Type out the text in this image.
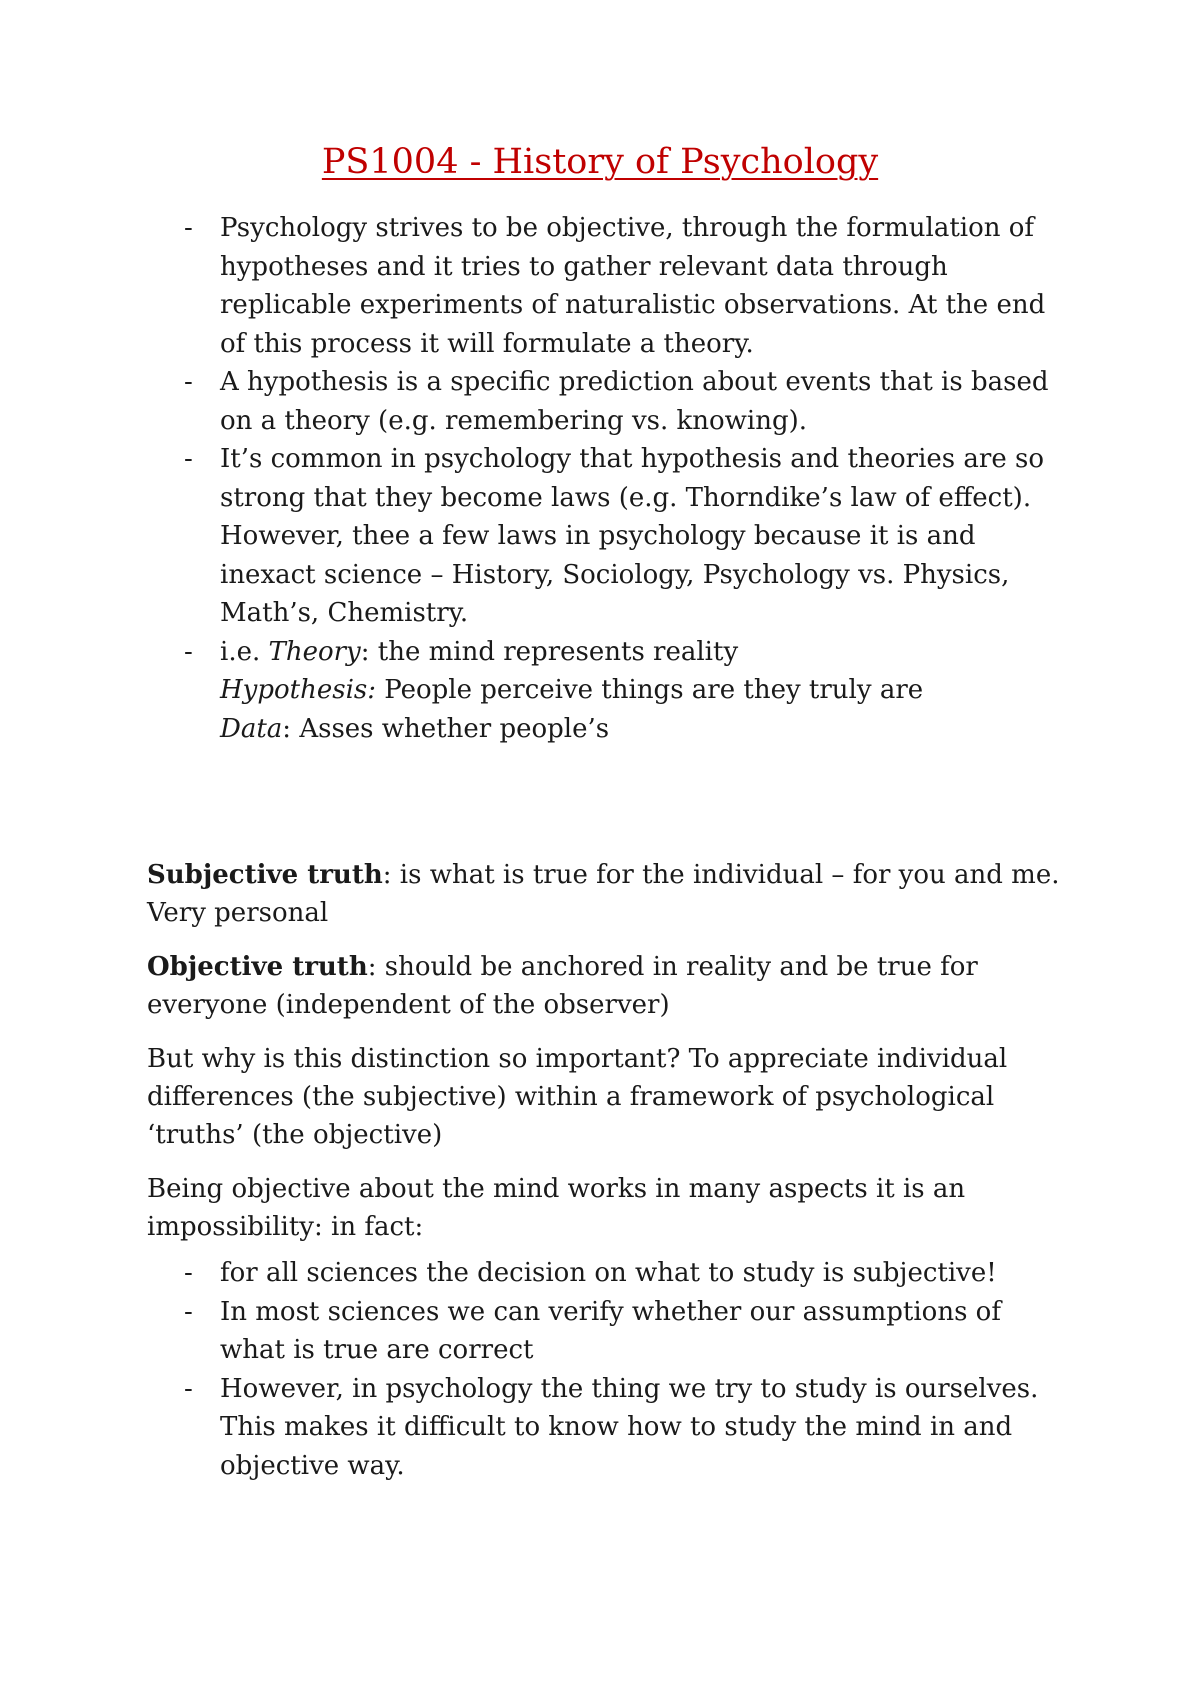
PS1004 - History of Psychology
- Psychology strives to be objective, through the formulation of hypotheses and it tries to gather relevant data through replicable experiments of naturalistic observations. At the end of this process it will formulate a theory.
- A hypothesis is a specific prediction about events that is based on a theory (e.g. remembering vs. knowing).
- It’s common in psychology that hypothesis and theories are so strong that they become laws (e.g. Thorndike’s law of effect). However, thee a few laws in psychology because it is and inexact science – History, Sociology, Psychology vs. Physics, Math’s, Chemistry.
- i.e. Theory: the mind represents reality
Hypothesis: People perceive things are they truly are
Data: Asses whether people’s

Subjective truth: is what is true for the individual – for you and me. Very personal

Objective truth: should be anchored in reality and be true for everyone (independent of the observer)

But why is this distinction so important? To appreciate individual differences (the subjective) within a framework of psychological ‘truths’ (the objective)

Being objective about the mind works in many aspects it is an impossibility: in fact:

- for all sciences the decision on what to study is subjective!
- In most sciences we can verify whether our assumptions of what is true are correct
- However, in psychology the thing we try to study is ourselves. This makes it difficult to know how to study the mind in and objective way.
